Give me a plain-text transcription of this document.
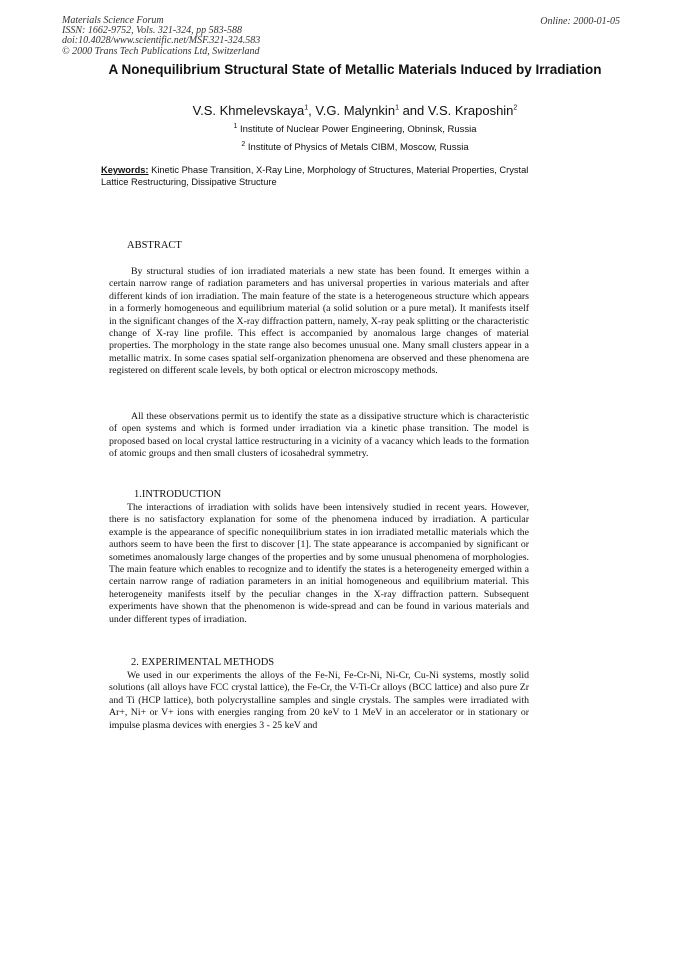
Materials Science Forum
ISSN: 1662-9752, Vols. 321-324, pp 583-588
doi:10.4028/www.scientific.net/MSF.321-324.583
© 2000 Trans Tech Publications Ltd, Switzerland
Online: 2000-01-05
A Nonequilibrium Structural State of Metallic Materials Induced by Irradiation
V.S. Khmelevskaya$^1$, V.G. Malynkin$^1$ and V.S. Kraposhin$^2$
$^1$ Institute of Nuclear Power Engineering, Obninsk, Russia
$^2$ Institute of Physics of Metals CIBM, Moscow, Russia
Keywords: Kinetic Phase Transition, X-Ray Line, Morphology of Structures, Material Properties, Crystal Lattice Restructuring, Dissipative Structure
ABSTRACT
By structural studies of ion irradiated materials a new state has been found. It emerges within a certain narrow range of radiation parameters and has universal properties in various materials and after different kinds of ion irradiation. The main feature of the state is a heterogeneous structure which appears in a formerly homogeneous and equilibrium material (a solid solution or a pure metal). It manifests itself in the significant changes of the X-ray diffraction pattern, namely, X-ray peak splitting or the characteristic change of X-ray line profile. This effect is accompanied by anomalous large changes of material properties. The morphology in the state range also becomes unusual one. Many small clusters appear in a metallic matrix. In some cases spatial self-organization phenomena are observed and these phenomena are registered on different scale levels, by both optical or electron microscopy methods.
All these observations permit us to identify the state as a dissipative structure which is characteristic of open systems and which is formed under irradiation via a kinetic phase transition. The model is proposed based on local crystal lattice restructuring in a vicinity of a vacancy which leads to the formation of atomic groups and then small clusters of icosahedral symmetry.
1.INTRODUCTION
The interactions of irradiation with solids have been intensively studied in recent years. However, there is no satisfactory explanation for some of the phenomena induced by irradiation. A particular example is the appearance of specific nonequilibrium states in ion irradiated metallic materials which the authors seem to have been the first to discover [1]. The state appearance is accompanied by significant or sometimes anomalously large changes of the properties and by some unusual phenomena of morphologies. The main feature which enables to recognize and to identify the states is a heterogeneity emerged within a certain narrow range of radiation parameters in an initial homogeneous and equilibrium material. This heterogeneity manifests itself by the peculiar changes in the X-ray diffraction pattern. Subsequent experiments have shown that the phenomenon is wide-spread and can be found in various materials and under different types of irradiation.
2. EXPERIMENTAL METHODS
We used in our experiments the alloys of the Fe-Ni, Fe-Cr-Ni, Ni-Cr, Cu-Ni systems, mostly solid solutions (all alloys have FCC crystal lattice), the Fe-Cr, the V-Ti-Cr alloys (BCC lattice) and also pure Zr and Ti (HCP lattice), both polycrystalline samples and single crystals. The samples were irradiated with Ar+, Ni+ or V+ ions with energies ranging from 20 keV to 1 MeV in an accelerator or in stationary or impulse plasma devices with energies 3 - 25 keV and
